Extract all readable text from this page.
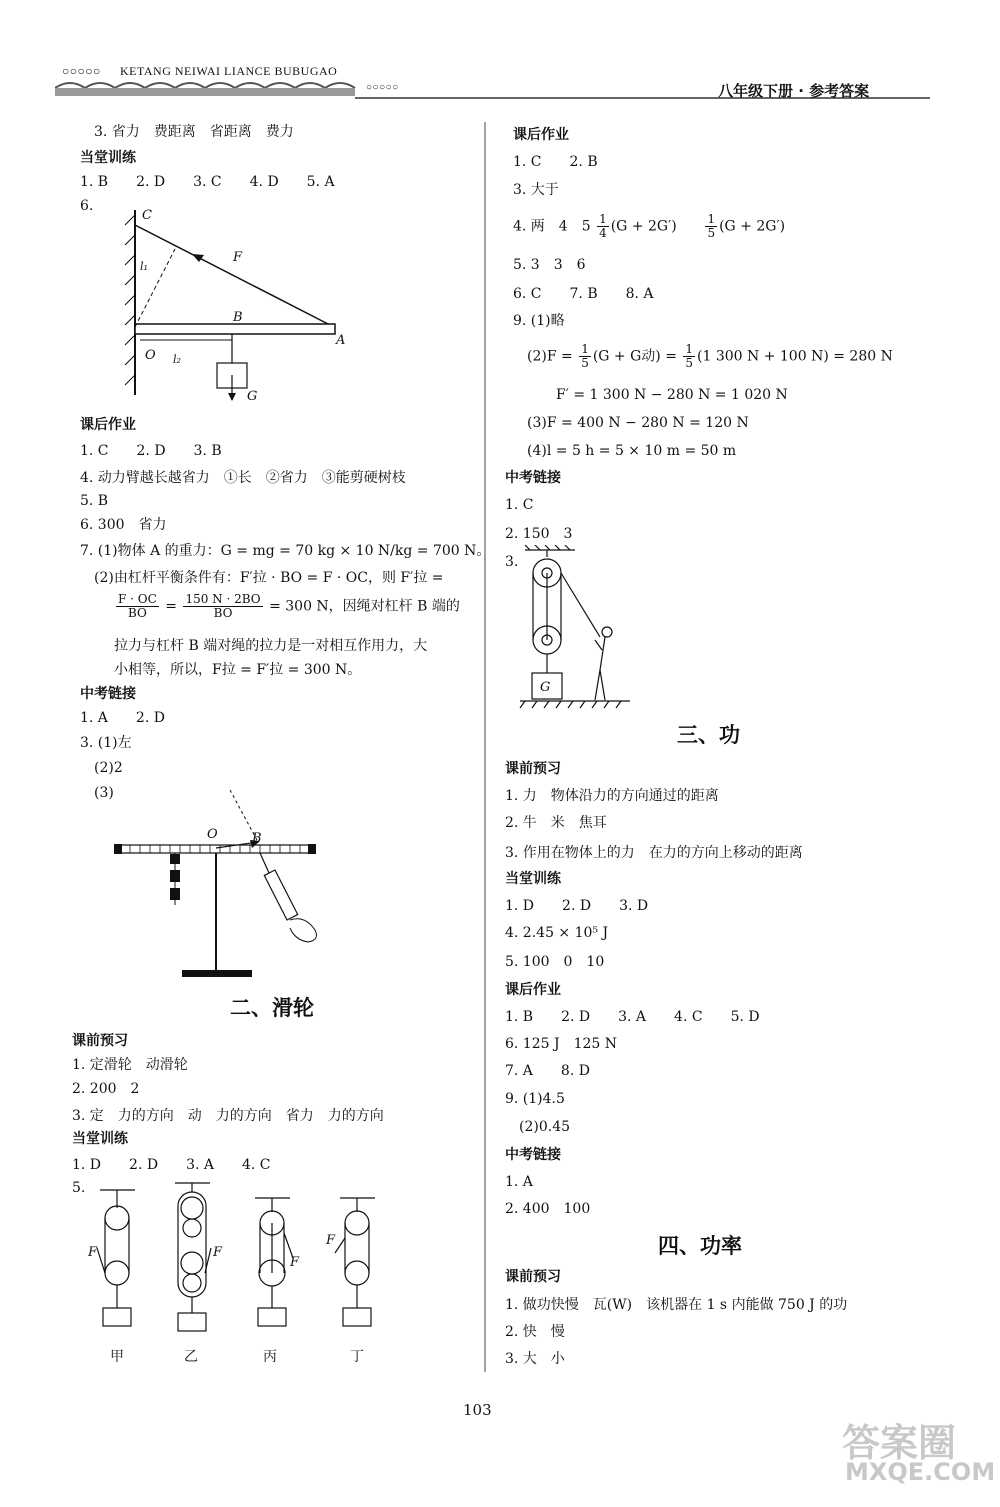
○○○○○ KETANG NEIWAI LIANCE BUBUGAO
○○○○○	八年级下册 · 参考答案
3. 省力　费距离　省距离　费力
当堂训练
1. B　　2. D　　3. C　　4. D　　5. A
6.
C
F
l₁
B
O l₂
A
G
课后作业
1. C　　2. D　　3. B
4. 动力臂越长越省力　①长　②省力　③能剪硬树枝
5. B
6. 300　省力
7. (1)物体 A 的重力：G = mg = 70 kg × 10 N/kg = 700 N。
(2)由杠杆平衡条件有：F′拉 · BO = F · OC，则 F′拉 =
$\frac{F \cdot OC}{BO} = \frac{150 N \cdot 2BO}{BO} = 300$ N，因绳对杠杆 B 端的
拉力与杠杆 B 端对绳的拉力是一对相互作用力，大
小相等，所以，F拉 = F′拉 = 300 N。
中考链接
1. A　　2. D
3. (1)左
(2)2
(3)
O	B
二、滑轮
课前预习
1. 定滑轮　动滑轮
2. 200　2
3. 定　力的方向　动　力的方向　省力　力的方向
当堂训练
1. D　　2. D　　3. A　　4. C
5.
F	F
F
F
甲	乙	丙	丁
课后作业
1. C　　2. B
3. 大于
4. 两　4　$5 \frac{1}{4} (G + 2G') \frac{1}{5} (G + 2G')$
5. 3　3　6
6. C　　7. B　　8. A
9. (1)略
$(2)F = \frac{1}{5} (G + G$动) = $\frac{1}{5} (1$ 300 N + 100 N) = 280 N
F′ = 1 300 N − 280 N = 1 020 N
(3)F = 400 N − 280 N = 120 N
(4)l = 5 h = 5 × 10 m = 50 m
中考链接
1. C
2. 150　3
3.
G
三、功
课前预习
1. 力　物体沿力的方向通过的距离
2. 牛　米　焦耳
3. 作用在物体上的力　在力的方向上移动的距离
当堂训练
1. D　　2. D　　3. D
4. 2.45 × 10⁵ J
5. 100　0　10
课后作业
1. B　　2. D　　3. A　　4. C　　5. D
6. 125 J　125 N
7. A　　8. D
9. (1)4.5
(2)0.45
中考链接
1. A
2. 400　100
四、功率
课前预习
1. 做功快慢　瓦(W)　该机器在 1 s 内能做 750 J 的功
2. 快　慢
3. 大　小
103
答案圈
MXQE.COM
